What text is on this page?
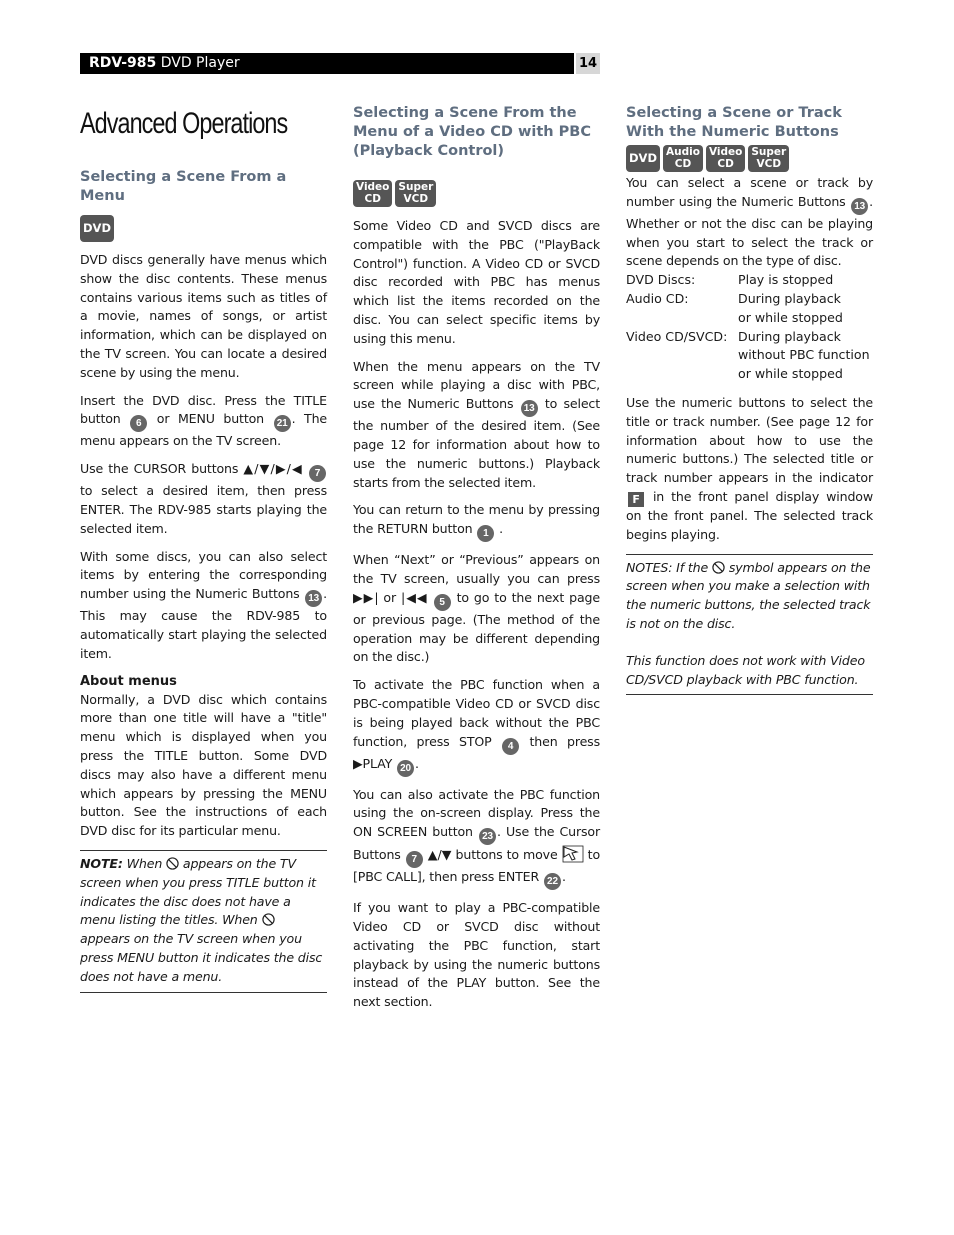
RDV-985 DVD Player	14
Advanced Operations
Selecting a Scene From a Menu
DVD

DVD discs generally have menus which show the disc contents. These menus contains various items such as titles of a movie, names of songs, or artist information, which can be displayed on the TV screen. You can locate a desired scene by using the menu.

Insert the DVD disc. Press the TITLE button 6 or MENU button 21 . The menu appears on the TV screen.

Use the CURSOR buttons ▲/▼/▶/◀ 7 to select a desired item, then press ENTER. The RDV-985 starts playing the selected item.

With some discs, you can also select items by entering the corresponding number using the Numeric Buttons 13 . This may cause the RDV-985 to automatically start playing the selected item.

About menus

Normally, a DVD disc which contains more than one title will have a "title" menu which is displayed when you press the TITLE button. Some DVD discs may also have a different menu which appears by pressing the MENU button. See the instructions of each DVD disc for its particular menu.

NOTE: When appears on the TV screen when you press TITLE button it indicates the disc does not have a menu listing the titles. When  appears on the TV screen when you press MENU button it indicates the disc does not have a menu.

Selecting a Scene From the Menu of a Video CD with PBC (Playback Control)
Video
CD
Super
VCD

Some Video CD and SVCD discs are compatible with the PBC ("PlayBack Control") function. A Video CD or SVCD disc recorded with PBC has menus which list the items recorded on the disc. You can select specific items by using this menu.

When the menu appears on the TV screen while playing a disc with PBC, use the Numeric Buttons 13 to select the number of the desired item. (See page 12 for information about how to use the numeric buttons.) Playback starts from the selected item.

You can return to the menu by pressing the RETURN button 1 .

When “Next” or “Previous” appears on the TV screen, usually you can press ▶▶| or |◀◀ 5 to go to the next page or previous page. (The method of the operation may be different depending on the disc.)

To activate the PBC function when a PBC-compatible Video CD or SVCD disc is being played back without the PBC function, press STOP 4 then press ▶PLAY 20 .

You can also activate the PBC function using the on-screen display. Press the ON SCREEN button 23 . Use the Cursor Buttons 7 ▲/▼ buttons to move to [PBC CALL], then press ENTER 22 .

If you want to play a PBC-compatible Video CD or SVCD disc without activating the PBC function, start playback by using the numeric buttons instead of the PLAY button. See the next section.

Selecting a Scene or Track With the Numeric Buttons
DVD Audio
CD
Video
CD
Super
VCD

You can select a scene or track by number using the Numeric Buttons 13 . Whether or not the disc can be playing when you start to select the track or scene depends on the type of disc.

DVD Discs:	Play is stopped
Audio CD:	During playback
or while stopped
Video CD/SVCD: During playback
without PBC function
or while stopped

Use the numeric buttons to select the title or track number. (See page 12 for information about how to use the numeric buttons.) The selected title or track number appears in the indicator F in the front panel display window on the front panel. The selected track begins playing.

NOTES: If the symbol appears on the screen when you make a selection with the numeric buttons, the selected track is not on the disc.

This function does not work with Video CD/SVCD playback with PBC function.
